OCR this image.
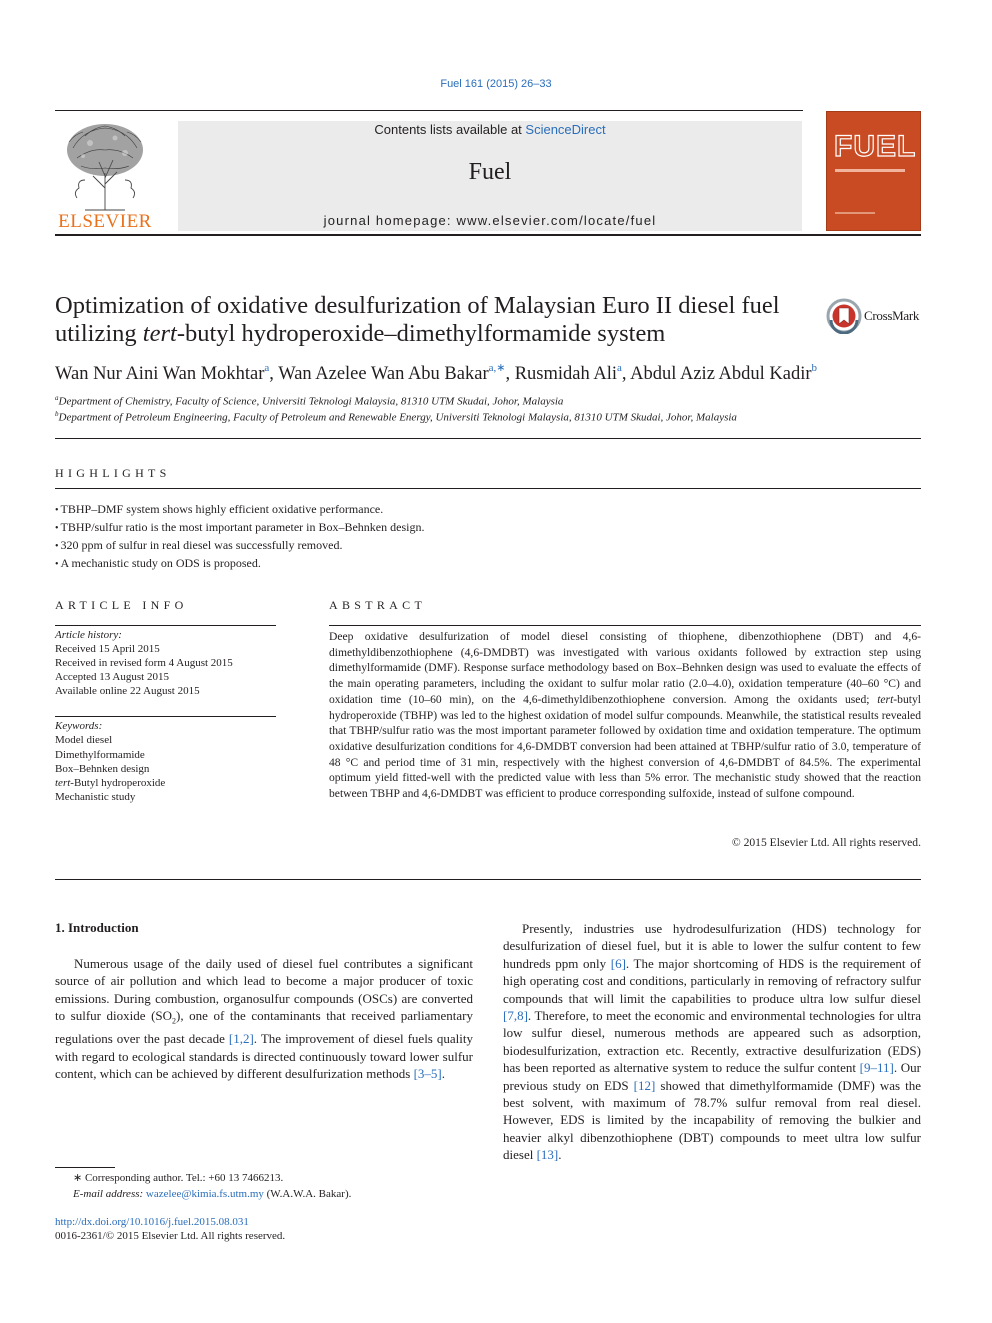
Fuel 161 (2015) 26–33
ELSEVIER
Contents lists available at ScienceDirect
Fuel
journal homepage: www.elsevier.com/locate/fuel
FUEL
Optimization of oxidative desulfurization of Malaysian Euro II diesel fuel utilizing tert-butyl hydroperoxide–dimethylformamide system
CrossMark
Wan Nur Aini Wan Mokhtar$^a$, Wan Azelee Wan Abu Bakar$^{a,∗}$, Rusmidah Ali$^a$, Abdul Aziz Abdul Kadir$^b$
$^a$Department of Chemistry, Faculty of Science, Universiti Teknologi Malaysia, 81310 UTM Skudai, Johor, Malaysia
$^b$Department of Petroleum Engineering, Faculty of Petroleum and Renewable Energy, Universiti Teknologi Malaysia, 81310 UTM Skudai, Johor, Malaysia
HIGHLIGHTS
• TBHP–DMF system shows highly efficient oxidative performance.
• TBHP/sulfur ratio is the most important parameter in Box–Behnken design.
• 320 ppm of sulfur in real diesel was successfully removed.
• A mechanistic study on ODS is proposed.
ARTICLE INFO
Article history:
Received 15 April 2015
Received in revised form 4 August 2015
Accepted 13 August 2015
Available online 22 August 2015
Keywords:
Model diesel
Dimethylformamide
Box–Behnken design
tert-Butyl hydroperoxide
Mechanistic study
ABSTRACT
Deep oxidative desulfurization of model diesel consisting of thiophene, dibenzothiophene (DBT) and 4,6-dimethyldibenzothiophene (4,6-DMDBT) was investigated with various oxidants followed by extraction step using dimethylformamide (DMF). Response surface methodology based on Box–Behnken design was used to evaluate the effects of the main operating parameters, including the oxidant to sulfur molar ratio (2.0–4.0), oxidation temperature (40–60 °C) and oxidation time (10–60 min), on the 4,6-dimethyldibenzothiophene conversion. Among the oxidants used; tert-butyl hydroperoxide (TBHP) was led to the highest oxidation of model sulfur compounds. Meanwhile, the statistical results revealed that TBHP/sulfur ratio was the most important parameter followed by oxidation time and oxidation temperature. The optimum oxidative desulfurization conditions for 4,6-DMDBT conversion had been attained at TBHP/sulfur ratio of 3.0, temperature of 48 °C and period time of 31 min, respectively with the highest conversion of 4,6-DMDBT of 84.5%. The experimental optimum yield fitted-well with the predicted value with less than 5% error. The mechanistic study showed that the reaction between TBHP and 4,6-DMDBT was efficient to produce corresponding sulfoxide, instead of sulfone compound.
© 2015 Elsevier Ltd. All rights reserved.
1. Introduction
Numerous usage of the daily used of diesel fuel contributes a significant source of air pollution and which lead to become a major producer of toxic emissions. During combustion, organosulfur compounds (OSCs) are converted to sulfur dioxide $(SO_2)$, one of the contaminants that received parliamentary regulations over the past decade [1,2]. The improvement of diesel fuels quality with regard to ecological standards is directed continuously toward lower sulfur content, which can be achieved by different desulfurization methods [3–5].
Presently, industries use hydrodesulfurization (HDS) technology for desulfurization of diesel fuel, but it is able to lower the sulfur content to few hundreds ppm only [6]. The major shortcoming of HDS is the requirement of high operating cost and conditions, particularly in removing of refractory sulfur compounds that will limit the capabilities to produce ultra low sulfur diesel [7,8]. Therefore, to meet the economic and environmental technologies for ultra low sulfur diesel, numerous methods are appeared such as adsorption, biodesulfurization, extraction etc. Recently, extractive desulfurization (EDS) has been reported as alternative system to reduce the sulfur content [9–11]. Our previous study on EDS [12] showed that dimethylformamide (DMF) was the best solvent, with maximum of 78.7% sulfur removal from real diesel. However, EDS is limited by the incapability of removing the bulkier and heavier alkyl dibenzothiophene (DBT) compounds to meet ultra low sulfur diesel [13].
∗ Corresponding author. Tel.: +60 13 7466213.
E-mail address: wazelee@kimia.fs.utm.my (W.A.W.A. Bakar).
http://dx.doi.org/10.1016/j.fuel.2015.08.031
0016-2361/© 2015 Elsevier Ltd. All rights reserved.
